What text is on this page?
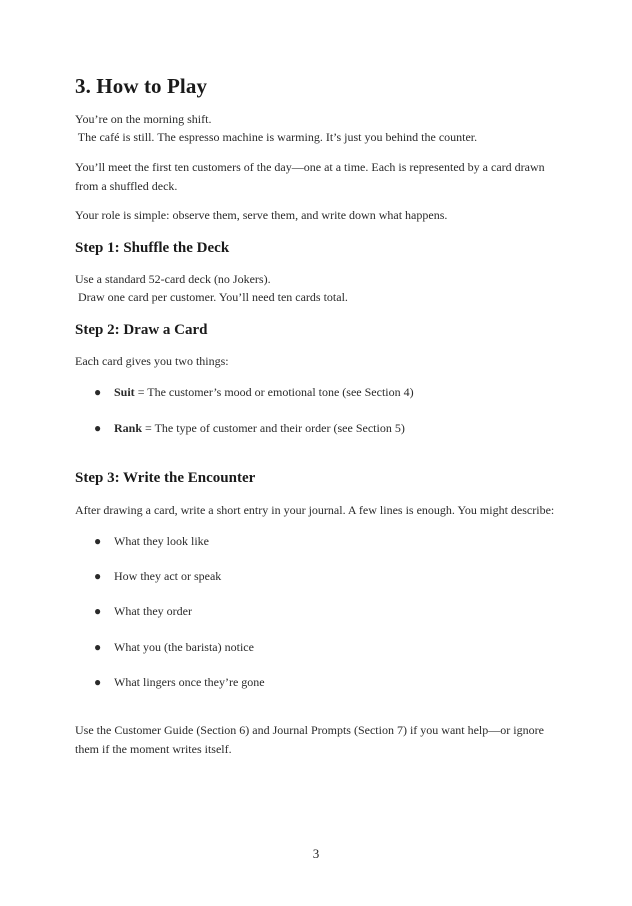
3. How to Play

You’re on the morning shift.

The café is still. The espresso machine is warming. It’s just you behind the counter.

You’ll meet the first ten customers of the day—one at a time. Each is represented by a card drawn from a shuffled deck.

Your role is simple: observe them, serve them, and write down what happens.

Step 1: Shuffle the Deck

Use a standard 52-card deck (no Jokers).

Draw one card per customer. You’ll need ten cards total.

Step 2: Draw a Card

Each card gives you two things:

●	Suit = The customer’s mood or emotional tone (see Section 4)
●	Rank = The type of customer and their order (see Section 5)
Step 3: Write the Encounter

After drawing a card, write a short entry in your journal. A few lines is enough. You might describe:

●	What they look like
●	How they act or speak
●	What they order
●	What you (the barista) notice
●	What lingers once they’re gone

Use the Customer Guide (Section 6) and Journal Prompts (Section 7) if you want help—or ignore them if the moment writes itself.

3
